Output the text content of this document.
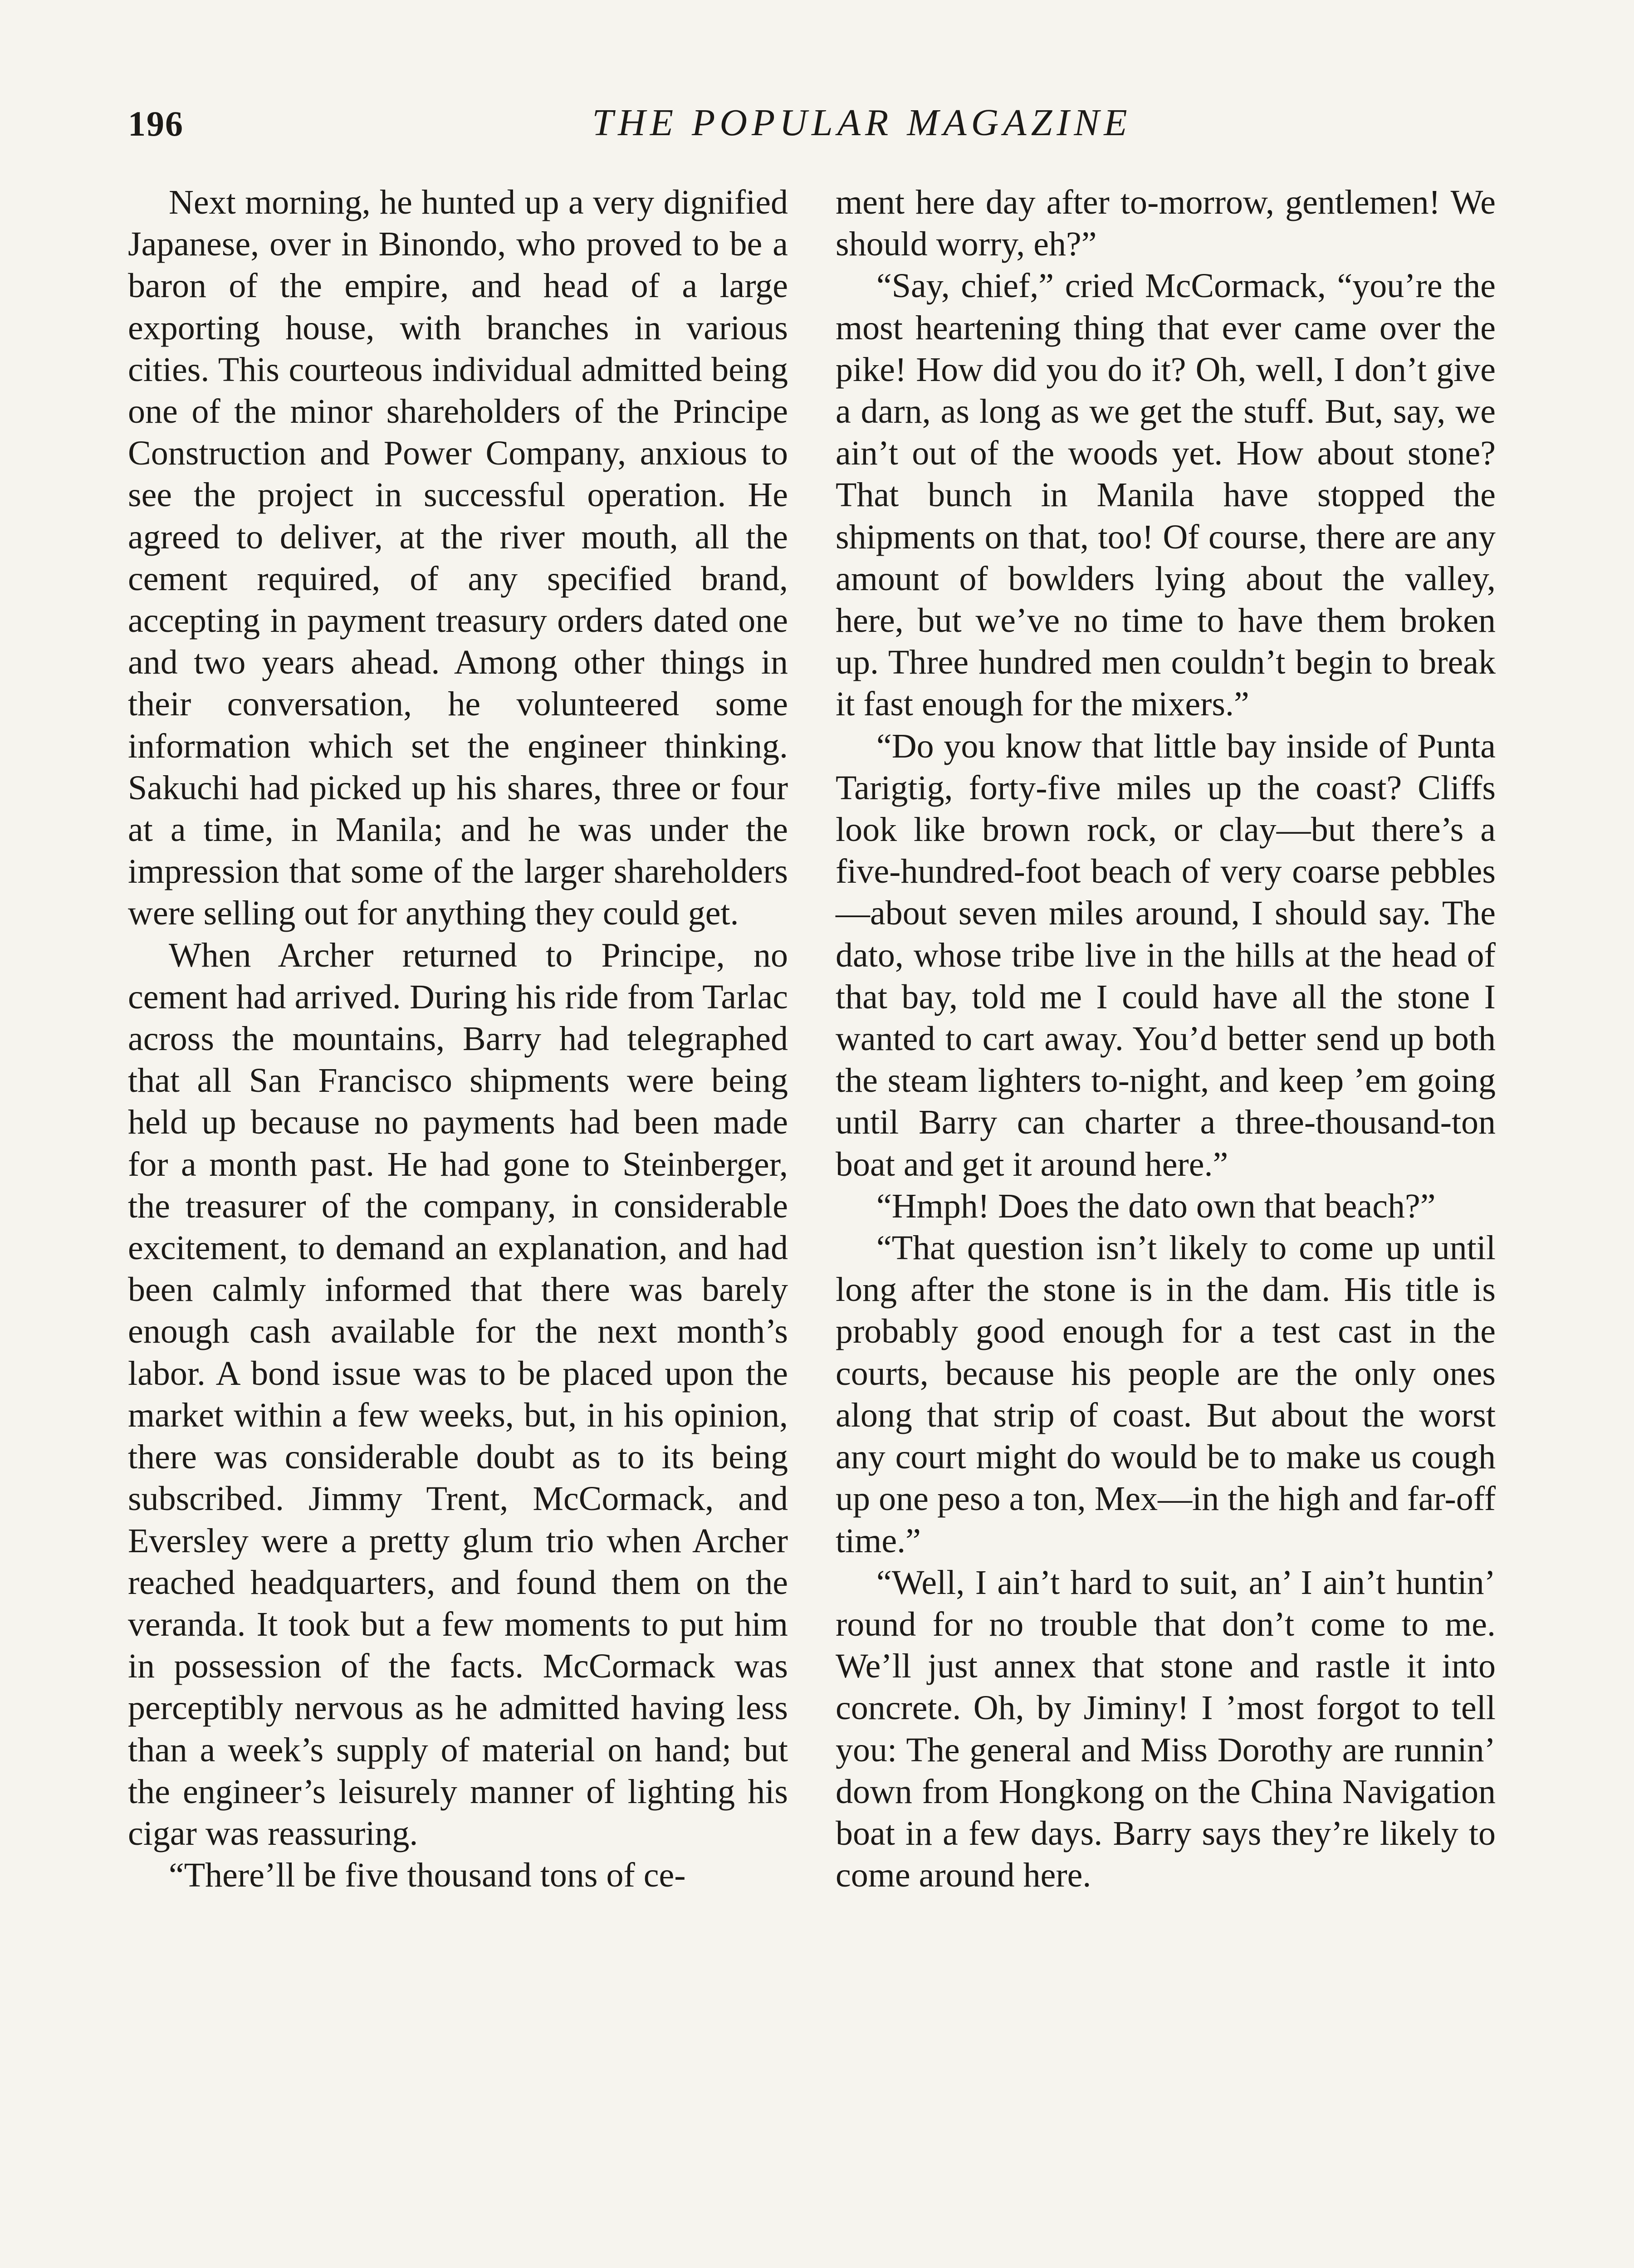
196	THE POPULAR MAGAZINE

Next morning, he hunted up a very dignified Japanese, over in Binondo, who proved to be a baron of the empire, and head of a large exporting house, with branches in various cities. This courteous individual admitted being one of the minor shareholders of the Principe Construction and Power Company, anxious to see the project in successful operation. He agreed to deliver, at the river mouth, all the cement required, of any specified brand, accepting in payment treasury orders dated one and two years ahead. Among other things in their conversation, he volunteered some information which set the engineer thinking. Sakuchi had picked up his shares, three or four at a time, in Manila; and he was under the impression that some of the larger shareholders were selling out for anything they could get.

When Archer returned to Principe, no cement had arrived. During his ride from Tarlac across the mountains, Barry had telegraphed that all San Francisco shipments were being held up because no payments had been made for a month past. He had gone to Steinberger, the treasurer of the company, in considerable excitement, to demand an explanation, and had been calmly informed that there was barely enough cash available for the next month’s labor. A bond issue was to be placed upon the market within a few weeks, but, in his opinion, there was considerable doubt as to its being subscribed. Jimmy Trent, McCormack, and Eversley were a pretty glum trio when Archer reached headquarters, and found them on the veranda. It took but a few moments to put him in possession of the facts. McCormack was perceptibly nervous as he admitted having less than a week’s supply of material on hand; but the engineer’s leisurely manner of lighting his cigar was reassuring.

“There’ll be five thousand tons of ce-

ment here day after to-morrow, gentlemen! We should worry, eh?”

“Say, chief,” cried McCormack, “you’re the most heartening thing that ever came over the pike! How did you do it? Oh, well, I don’t give a darn, as long as we get the stuff. But, say, we ain’t out of the woods yet. How about stone? That bunch in Manila have stopped the shipments on that, too! Of course, there are any amount of bowlders lying about the valley, here, but we’ve no time to have them broken up. Three hundred men couldn’t begin to break it fast enough for the mixers.”

“Do you know that little bay inside of Punta Tarigtig, forty-five miles up the coast? Cliffs look like brown rock, or clay—but there’s a five-hundred-foot beach of very coarse pebbles—about seven miles around, I should say. The dato, whose tribe live in the hills at the head of that bay, told me I could have all the stone I wanted to cart away. You’d better send up both the steam lighters to-night, and keep ’em going until Barry can charter a three-thousand-ton boat and get it around here.”

“Hmph! Does the dato own that beach?”

“That question isn’t likely to come up until long after the stone is in the dam. His title is probably good enough for a test cast in the courts, because his people are the only ones along that strip of coast. But about the worst any court might do would be to make us cough up one peso a ton, Mex—in the high and far-off time.”

“Well, I ain’t hard to suit, an’ I ain’t huntin’ round for no trouble that don’t come to me. We’ll just annex that stone and rastle it into concrete. Oh, by Jiminy! I ’most forgot to tell you: The general and Miss Dorothy are runnin’ down from Hongkong on the China Navigation boat in a few days. Barry says they’re likely to come around here.
